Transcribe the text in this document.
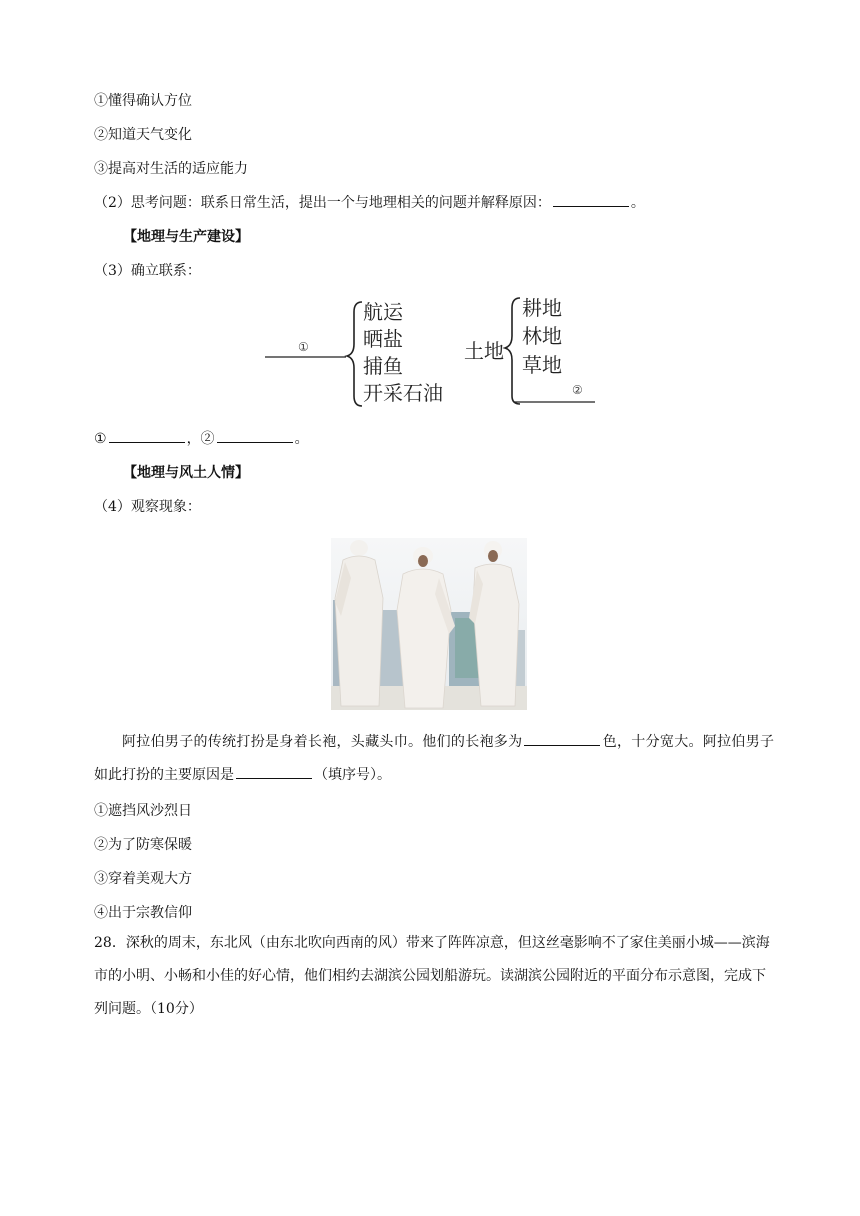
①懂得确认方位
②知道天气变化
③提高对生活的适应能力
（2）思考问题：联系日常生活，提出一个与地理相关的问题并解释原因：	。
【地理与生产建设】
（3）确立联系：
①
航运
晒盐
捕鱼
开采石油
土地
耕地
林地
草地
②
①	，②	。
【地理与风土人情】
（4）观察现象：
阿拉伯男子的传统打扮是身着长袍，头藏头巾。他们的长袍多为	色，十分宽大。阿拉伯男子如此打扮的主要原因是	（填序号）。
①遮挡风沙烈日
②为了防寒保暖
③穿着美观大方
④出于宗教信仰
28．深秋的周末，东北风（由东北吹向西南的风）带来了阵阵凉意，但这丝毫影响不了家住美丽小城——滨海市的小明、小畅和小佳的好心情，他们相约去湖滨公园划船游玩。读湖滨公园附近的平面分布示意图，完成下列问题。（10分）
